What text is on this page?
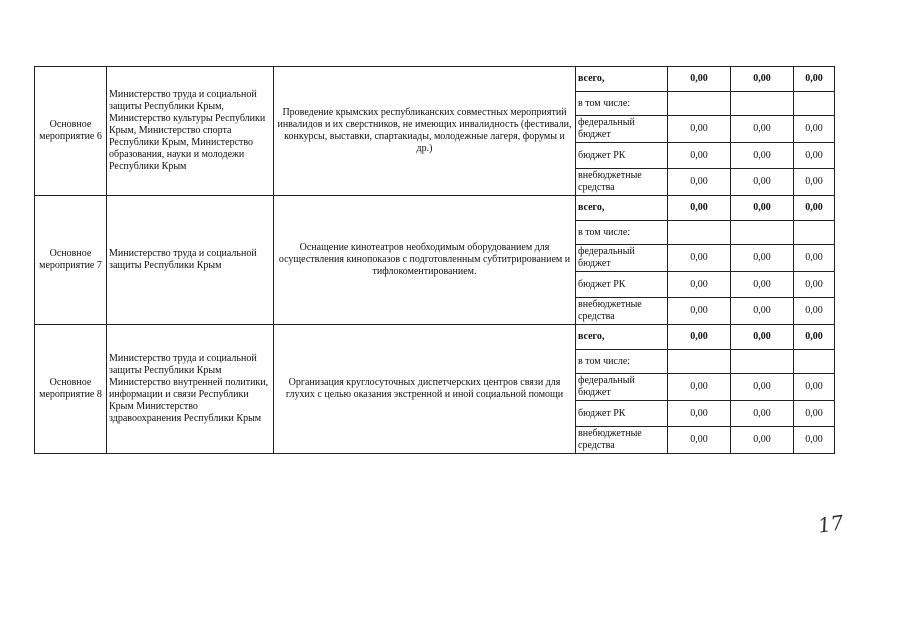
Основное мероприятие 6	Министерство труда и социальной защиты Республики Крым, Министерство культуры Республики Крым, Министерство спорта Республики Крым, Министерство образования, науки и молодежи Республики Крым	Проведение крымских республиканских совместных мероприятий инвалидов и их сверстников, не имеющих инвалидность (фестивали, конкурсы, выставки, спартакиады, молодежные лагеря, форумы и др.)	всего,	0,00	0,00	0,00
			в том числе:			
			федеральный бюджет	0,00	0,00	0,00
			бюджет РК	0,00	0,00	0,00
			внебюджетные средства	0,00	0,00	0,00
Основное мероприятие 7	Министерство труда и социальной защиты Республики Крым	Оснащение кинотеатров необходимым оборудованием для осуществления кинопоказов с подготовленным субтитрированием и тифлокоментированием.	всего,	0,00	0,00	0,00
			в том числе:			
			федеральный бюджет	0,00	0,00	0,00
			бюджет РК	0,00	0,00	0,00
			внебюджетные средства	0,00	0,00	0,00
Основное мероприятие 8	Министерство труда и социальной защиты Республики Крым Министерство внутренней политики, информации и связи Республики Крым Министерство здравоохранения Республики Крым	Организация круглосуточных диспетчерских центров связи для глухих с целью оказания экстренной и иной социальной помощи	всего,	0,00	0,00	0,00
			в том числе:			
			федеральный бюджет	0,00	0,00	0,00
			бюджет РК	0,00	0,00	0,00
			внебюджетные средства	0,00	0,00	0,00
17
